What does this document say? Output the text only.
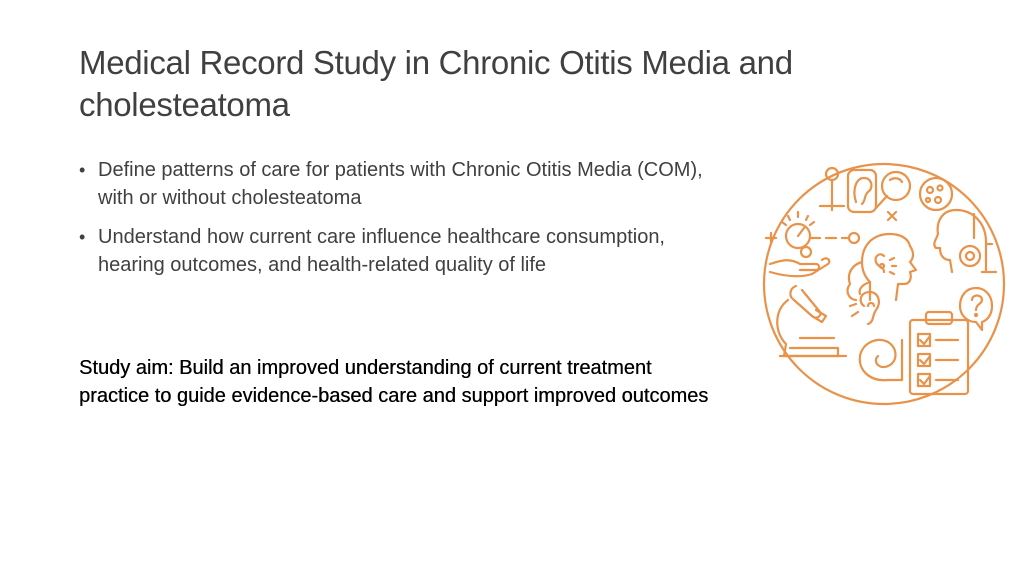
Medical Record Study in Chronic Otitis Media and cholesteatoma
• Define patterns of care for patients with Chronic Otitis Media (COM), with or without cholesteatoma
• Understand how current care influence healthcare consumption, hearing outcomes, and health-related quality of life

Study aim: Build an improved understanding of current treatment practice to guide evidence-based care and support improved outcomes
